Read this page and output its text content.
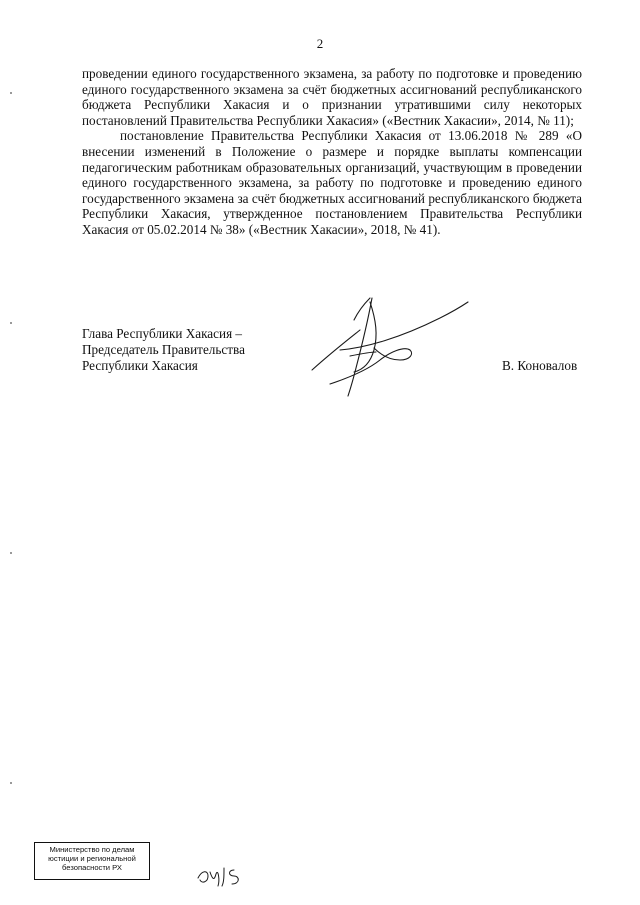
2

проведении единого государственного экзамена, за работу по подготовке и проведению единого государственного экзамена за счёт бюджетных ассигнований республиканского бюджета Республики Хакасия и о признании утратившими силу некоторых постановлений Правительства Республики Хакасия» («Вестник Хакасии», 2014, № 11);

постановление Правительства Республики Хакасия от 13.06.2018 № 289 «О внесении изменений в Положение о размере и порядке выплаты компенсации педагогическим работникам образовательных организаций, участвующим в проведении единого государственного экзамена, за работу по подготовке и проведению единого государственного экзамена за счёт бюджетных ассигнований республиканского бюджета Республики Хакасия, утвержденное постановлением Правительства Республики Хакасия от 05.02.2014 № 38» («Вестник Хакасии», 2018, № 41).

Глава Республики Хакасия –
Председатель Правительства
Республики Хакасия	В. Коновалов
Министерство по делам
юстиции и региональной
безопасности РХ
